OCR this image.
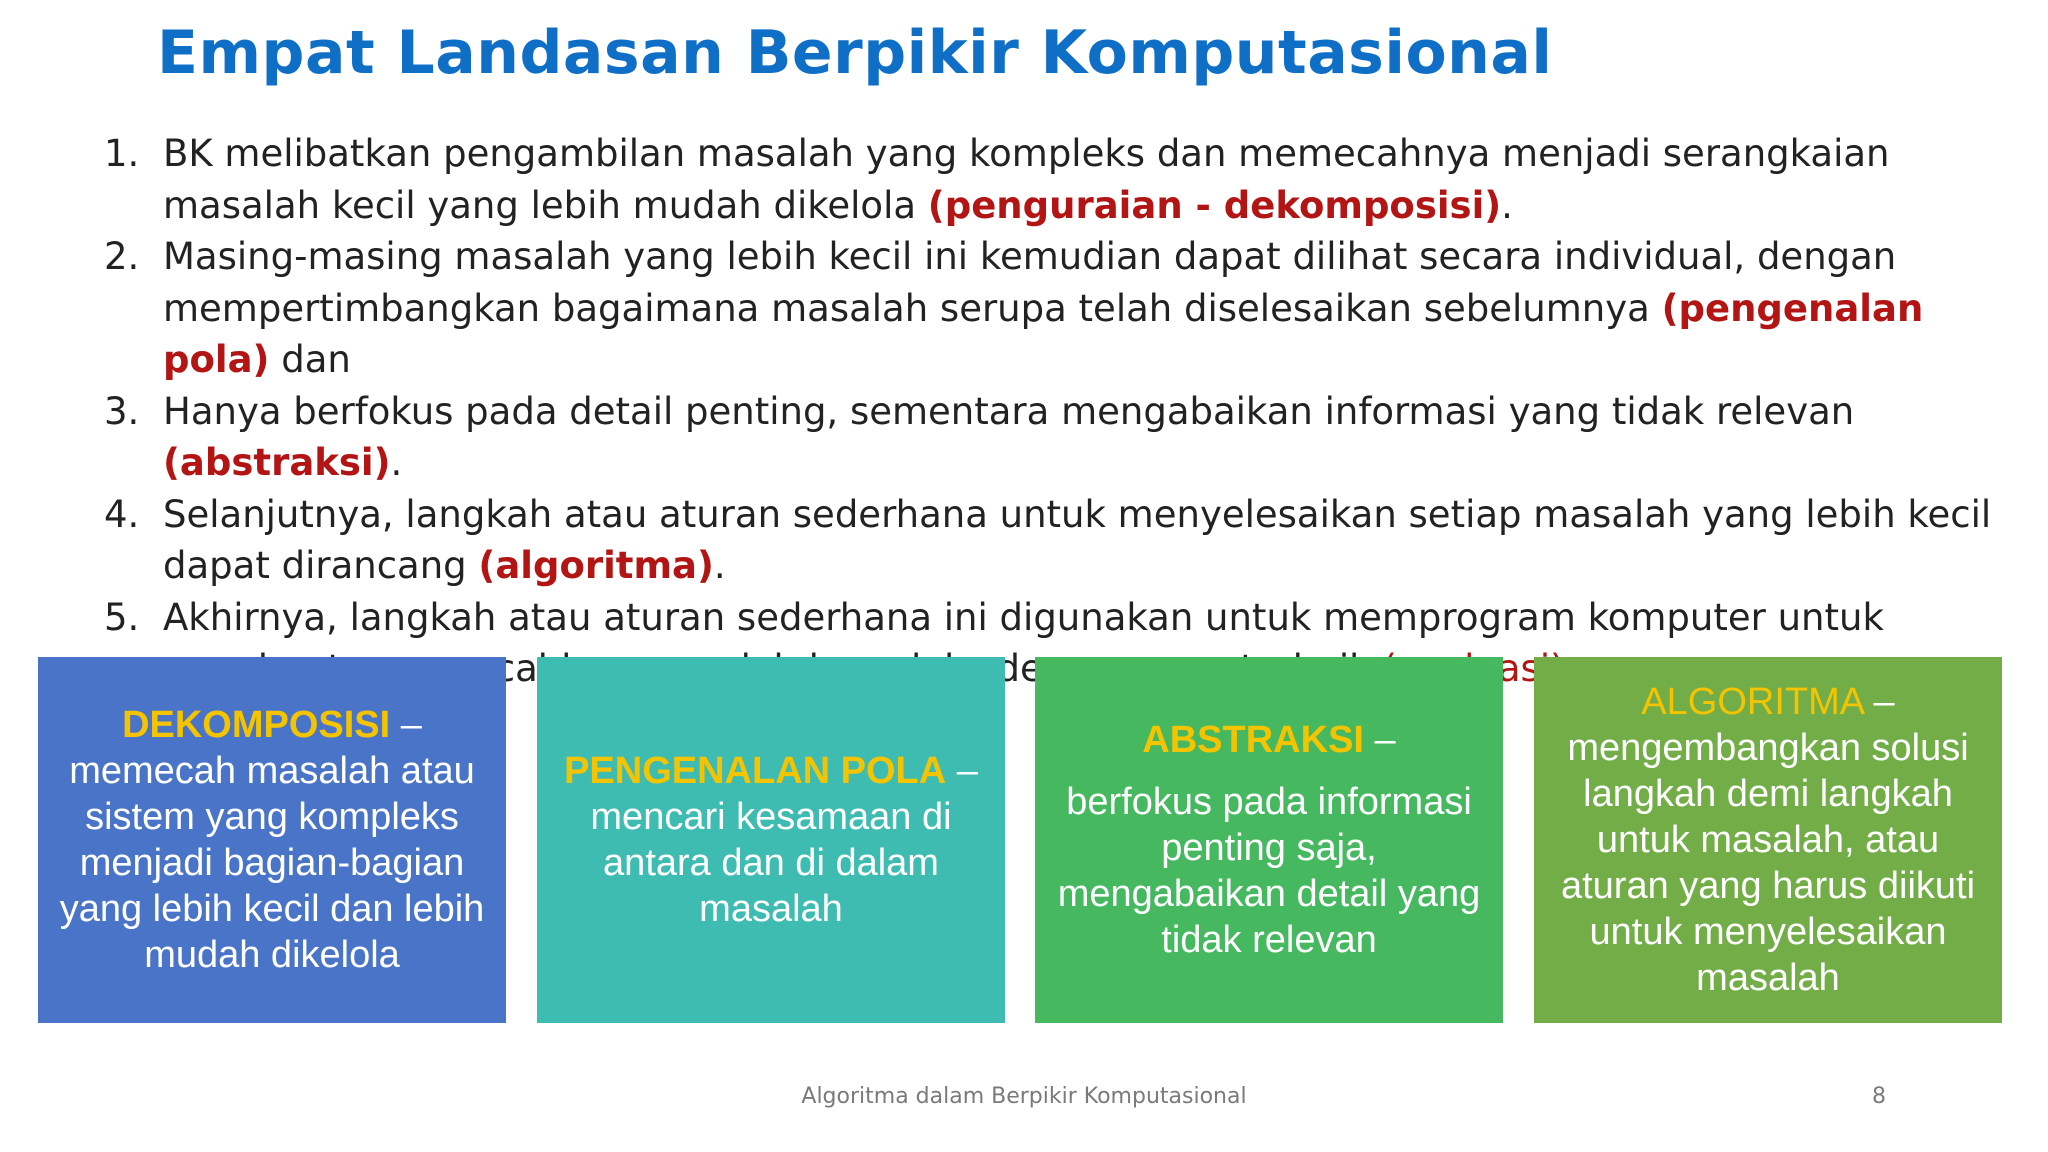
Empat Landasan Berpikir Komputasional
1. BK melibatkan pengambilan masalah yang kompleks dan memecahnya menjadi serangkaian masalah kecil yang lebih mudah dikelola (penguraian - dekomposisi).
2. Masing-masing masalah yang lebih kecil ini kemudian dapat dilihat secara individual, dengan mempertimbangkan bagaimana masalah serupa telah diselesaikan sebelumnya (pengenalan pola) dan
3. Hanya berfokus pada detail penting, sementara mengabaikan informasi yang tidak relevan (abstraksi).
4. Selanjutnya, langkah atau aturan sederhana untuk menyelesaikan setiap masalah yang lebih kecil dapat dirancang (algoritma).
5. Akhirnya, langkah atau aturan sederhana ini digunakan untuk memprogram komputer untuk

DEKOMPOSISI –

memecah masalah atau sistem yang kompleks menjadi bagian-bagian yang lebih kecil dan lebih mudah dikelola

PENGENALAN POLA –

mencari kesamaan di antara dan di dalam masalah

ABSTRAKSI –

berfokus pada informasi penting saja, mengabaikan detail yang tidak relevan

ALGORITMA –

mengembangkan solusi langkah demi langkah untuk masalah, atau aturan yang harus diikuti untuk menyelesaikan masalah

Algoritma dalam Berpikir Komputasional	8
